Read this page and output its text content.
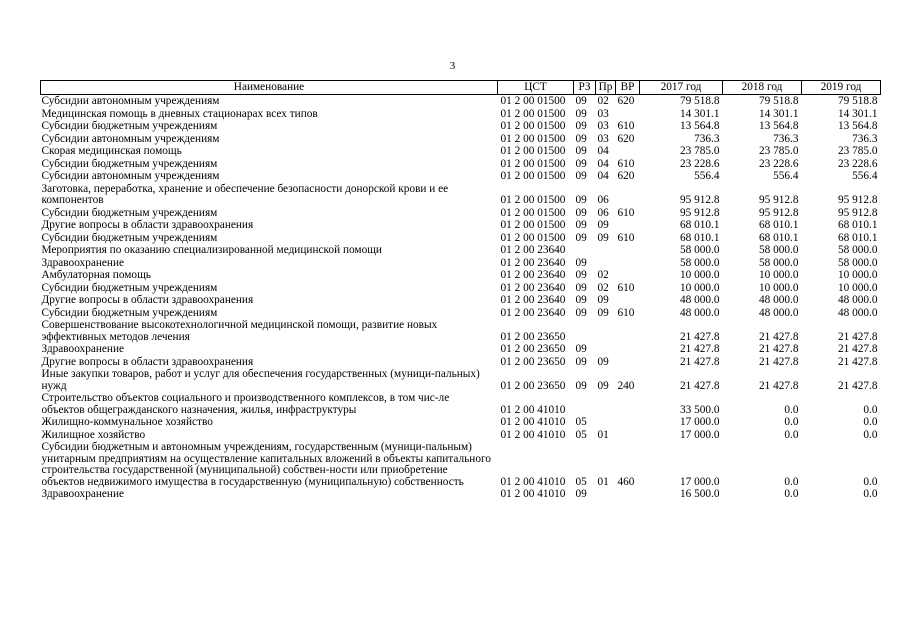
3
Наименование	ЦСТ	РЗ	Пр	ВР	2017 год	2018 год	2019 год
Субсидии автономным учреждениям	01 2 00 01500	09	02	620	79 518.8	79 518.8	79 518.8
Медицинская помощь в дневных стационарах всех типов	01 2 00 01500	09	03		14 301.1	14 301.1	14 301.1
Субсидии бюджетным учреждениям	01 2 00 01500	09	03	610	13 564.8	13 564.8	13 564.8
Субсидии автономным учреждениям	01 2 00 01500	09	03	620	736.3	736.3	736.3
Скорая медицинская помощь	01 2 00 01500	09	04		23 785.0	23 785.0	23 785.0
Субсидии бюджетным учреждениям	01 2 00 01500	09	04	610	23 228.6	23 228.6	23 228.6
Субсидии автономным учреждениям	01 2 00 01500	09	04	620	556.4	556.4	556.4
Заготовка, переработка, хранение и обеспечение безопасности донорской крови и ее компонентов	01 2 00 01500	09	06		95 912.8	95 912.8	95 912.8
Субсидии бюджетным учреждениям	01 2 00 01500	09	06	610	95 912.8	95 912.8	95 912.8
Другие вопросы в области здравоохранения	01 2 00 01500	09	09		68 010.1	68 010.1	68 010.1
Субсидии бюджетным учреждениям	01 2 00 01500	09	09	610	68 010.1	68 010.1	68 010.1
Мероприятия по оказанию специализированной медицинской помощи	01 2 00 23640				58 000.0	58 000.0	58 000.0
Здравоохранение	01 2 00 23640	09			58 000.0	58 000.0	58 000.0
Амбулаторная помощь	01 2 00 23640	09	02		10 000.0	10 000.0	10 000.0
Субсидии бюджетным учреждениям	01 2 00 23640	09	02	610	10 000.0	10 000.0	10 000.0
Другие вопросы в области здравоохранения	01 2 00 23640	09	09		48 000.0	48 000.0	48 000.0
Субсидии бюджетным учреждениям	01 2 00 23640	09	09	610	48 000.0	48 000.0	48 000.0
Совершенствование высокотехнологичной медицинской помощи, развитие новых эффективных методов лечения	01 2 00 23650				21 427.8	21 427.8	21 427.8
Здравоохранение	01 2 00 23650	09			21 427.8	21 427.8	21 427.8
Другие вопросы в области здравоохранения	01 2 00 23650	09	09		21 427.8	21 427.8	21 427.8
Иные закупки товаров, работ и услуг для обеспечения государственных (муници-пальных) нужд	01 2 00 23650	09	09	240	21 427.8	21 427.8	21 427.8
Строительство объектов социального и производственного комплексов, в том чис-ле объектов общегражданского назначения, жилья, инфраструктуры	01 2 00 41010				33 500.0	0.0	0.0
Жилищно-коммунальное хозяйство	01 2 00 41010	05			17 000.0	0.0	0.0
Жилищное хозяйство	01 2 00 41010	05	01		17 000.0	0.0	0.0
Субсидии бюджетным и автономным учреждениям, государственным (муници-пальным) унитарным предприятиям на осуществление капитальных вложений в объекты капитального строительства государственной (муниципальной) собствен-ности или приобретение объектов недвижимого имущества в государственную (муниципальную) собственность	01 2 00 41010	05	01	460	17 000.0	0.0	0.0
Здравоохранение	01 2 00 41010	09			16 500.0	0.0	0.0
